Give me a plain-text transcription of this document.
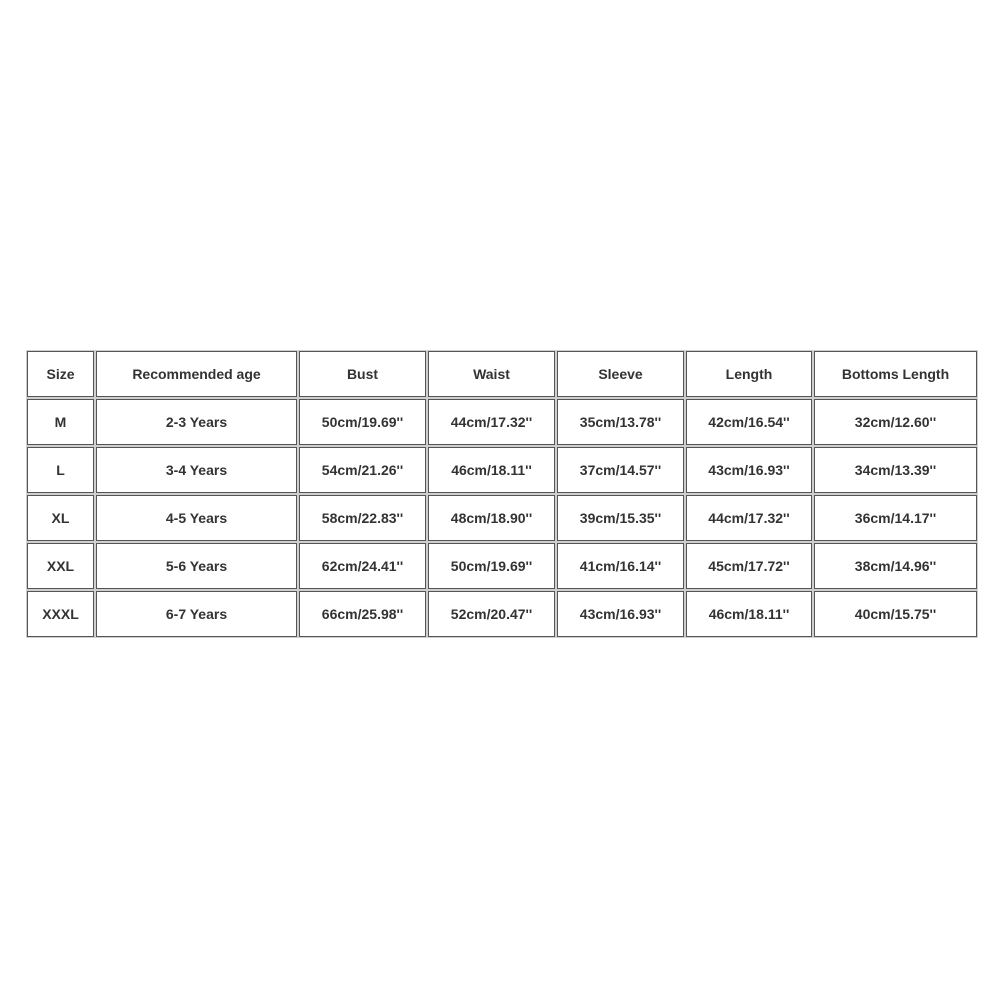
Size	Recommended age	Bust	Waist	Sleeve	Length	Bottoms Length
M	2-3 Years	50cm/19.69''	44cm/17.32''	35cm/13.78''	42cm/16.54''	32cm/12.60''
L	3-4 Years	54cm/21.26''	46cm/18.11''	37cm/14.57''	43cm/16.93''	34cm/13.39''
XL	4-5 Years	58cm/22.83''	48cm/18.90''	39cm/15.35''	44cm/17.32''	36cm/14.17''
XXL	5-6 Years	62cm/24.41''	50cm/19.69''	41cm/16.14''	45cm/17.72''	38cm/14.96''
XXXL	6-7 Years	66cm/25.98''	52cm/20.47''	43cm/16.93''	46cm/18.11''	40cm/15.75''
